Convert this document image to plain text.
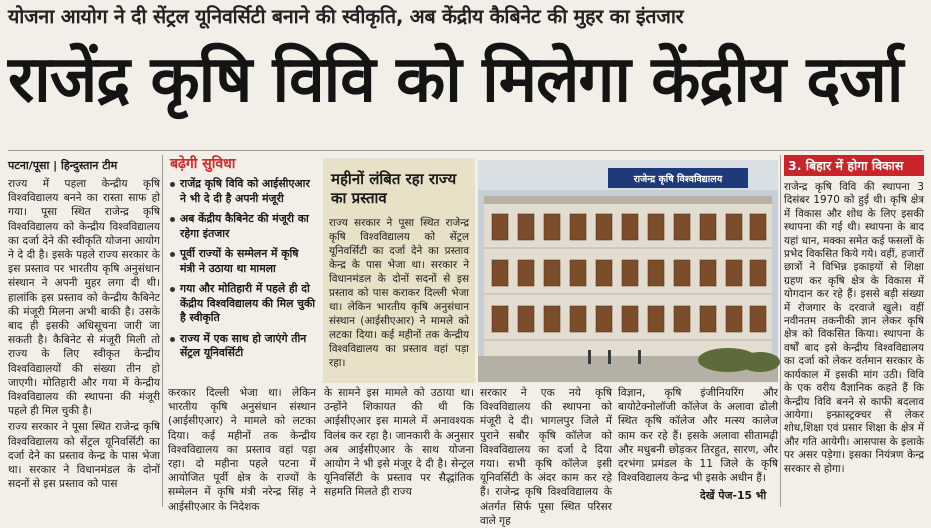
योजना आयोग ने दी सेंट्रल यूनिवर्सिटी बनाने की स्वीकृति, अब केंद्रीय कैबिनेट की मुहर का इंतजार
राजेंद्र कृषि विवि को मिलेगा केंद्रीय दर्जा
पटना/पूसा | हिन्दुस्तान टीम

राज्य में पहला केन्द्रीय कृषि विश्वविद्यालय बनने का रास्ता साफ हो गया। पूसा स्थित राजेन्द्र कृषि विश्वविद्यालय को केन्द्रीय विश्वविद्यालय का दर्जा देने की स्वीकृति योजना आयोग ने दे दी है। इसके पहले राज्य सरकार के इस प्रस्ताव पर भारतीय कृषि अनुसंधान संस्थान ने अपनी मुहर लगा दी थी। हालांकि इस प्रस्ताव को केन्द्रीय कैबिनेट की मंजूरी मिलना अभी बाकी है। उसके बाद ही इसकी अधिसूचना जारी जा सकती है। कैबिनेट से मंजूरी मिली तो राज्य के लिए स्वीकृत केन्द्रीय विश्वविद्यालयों की संख्या तीन हो जाएगी। मोतिहारी और गया में केन्द्रीय विश्वविद्यालय की स्थापना की मंजूरी पहले ही मिल चुकी है।

राज्य सरकार ने पूसा स्थित राजेन्द्र कृषि विश्वविद्यालय को सेंट्रल यूनिवर्सिटी का दर्जा देने का प्रस्ताव केन्द्र के पास भेजा था। सरकार ने विधानमंडल के दोनों सदनों से इस प्रस्ताव को पास

बढ़ेगी सुविधा
राजेंद्र कृषि विवि को आईसीएआर ने भी दे दी है अपनी मंजूरी
अब केंद्रीय कैबिनेट की मंजूरी का रहेगा इंतजार
पूर्वी राज्यों के सम्मेलन में कृषि मंत्री ने उठाया था मामला
गया और मोतिहारी में पहले ही दो केंद्रीय विश्वविद्यालय की मिल चुकी है स्वीकृति
राज्य में एक साथ हो जाएंगे तीन सेंट्रल यूनिवर्सिटी

करकार दिल्ली भेजा था। लेकिन भारतीय कृषि अनुसंधान संस्थान (आईसीएआर) ने मामले को लटका दिया। कई महीनों तक केन्द्रीय विश्वविद्यालय का प्रस्ताव वहां पड़ा रहा। दो महीना पहले पटना में आयोजित पूर्वी क्षेत्र के राज्यों के सम्मेलन में कृषि मंत्री नरेन्द्र सिंह ने आईसीएआर के निदेशक

महीनों लंबित रहा राज्य का प्रस्ताव
राज्य सरकार ने पूसा स्थित राजेन्द्र कृषि विश्वविद्यालय को सेंट्रल यूनिवर्सिटी का दर्जा देने का प्रस्ताव केन्द्र के पास भेजा था। सरकार ने विधानमंडल के दोनों सदनों से इस प्रस्ताव को पास कराकर दिल्ली भेजा था। लेकिन भारतीय कृषि अनुसंधान संस्थान (आईसीएआर) ने मामले को लटका दिया। कई महीनों तक केन्द्रीय विश्वविद्यालय का प्रस्ताव वहां पड़ा रहा।

के सामने इस मामले को उठाया था। उन्होंने शिकायत की थी कि आईसीएआर इस मामले में अनावश्यक विलंब कर रहा है। जानकारी के अनुसार अब आईसीएआर के साथ योजना आयोग ने भी इसे मंजूर दे दी है। सेन्ट्रल यूनिवर्सिटी के प्रस्ताव पर सैद्धांतिक सहमति मिलते ही राज्य

राजेन्द्र कृषि विश्वविद्यालय

सरकार ने एक नये कृषि विश्वविद्यालय की स्थापना को मंजूरी दे दी। भागलपुर जिले में पुराने सबौर कृषि कॉलेज को विश्वविद्यालय का दर्जा दे दिया गया। सभी कृषि कॉलेज इसी यूनिवर्सिटी के अंदर काम कर रहे हैं। राजेन्द्र कृषि विश्वविद्यालय के अंतर्गत सिर्फ पूसा स्थित परिसर वाले गृह

विज्ञान, कृषि इंजीनियरिंग और बायोटेक्नोलॉजी कॉलेज के अलावा ढोली स्थित कृषि कॉलेज और मत्स्य कालेज काम कर रहे हैं। इसके अलावा सीतामढ़ी और मधुबनी छोड़कर तिरहुत, सारण, और दरभंगा प्रमंडल के 11 जिले के कृषि विश्वविद्यालय केन्द्र भी इसके अधीन हैं।

देखें पेज-15 भी
3. बिहार में होगा विकास
राजेन्द्र कृषि विवि की स्थापना 3 दिसंबर 1970 को हुई थी। कृषि क्षेत्र में विकास और शोध के लिए इसकी स्थापना की गई थी। स्थापना के बाद यहां धान, मक्का समेत कई फसलों के प्रभेद विकसित किये गये। वहीं, हजारों छात्रों ने विभिन्न इकाइयों से शिक्षा ग्रहण कर कृषि क्षेत्र के विकास में योगदान कर रहे हैं। इससे बड़ी संख्या में रोजगार के दरवाजे खुले। वहीं नवीनतम तकनीकी ज्ञान लेकर कृषि क्षेत्र को विकसित किया। स्थापना के वर्षों बाद इसे केन्द्रीय विश्वविद्यालय का दर्जा को लेकर वर्तमान सरकार के कार्यकाल में इसकी मांग उठी। विवि के एक वरीय वैज्ञानिक कहते हैं कि केन्द्रीय विवि बनने से काफी बदलाव आयेगा। इन्फ्रास्ट्रक्चर से लेकर शोध,शिक्षा एवं प्रसार शिक्षा के क्षेत्र में और गति आयेगी। आसपास के इलाके पर असर पड़ेगा। इसका नियंत्रण केन्द्र सरकार से होगा।
